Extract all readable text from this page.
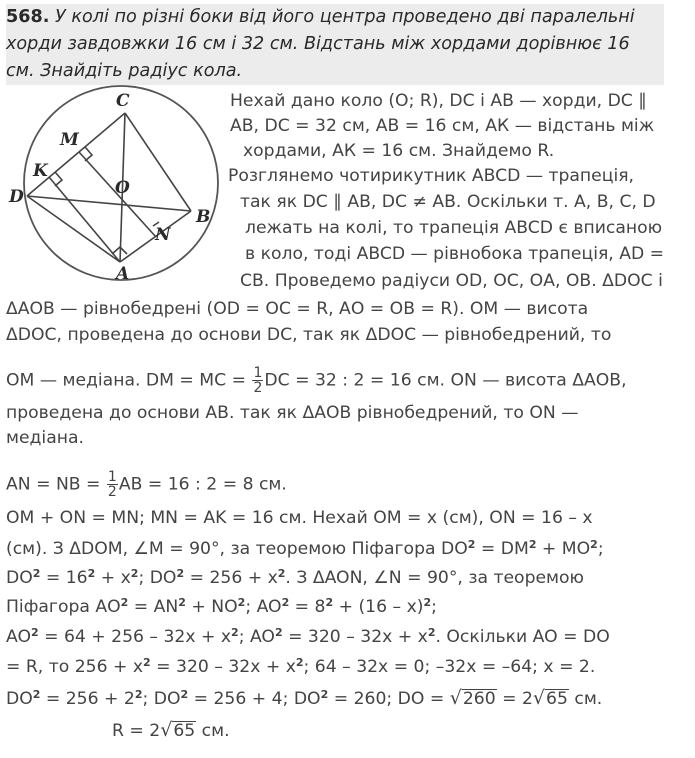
568. У колі по різні боки від його центра проведено дві паралельні
хорди завдовжки 16 см і 32 см. Відстань між хордами дорівнює 16
см. Знайдіть радіус кола.
C
M
K
D	O
B
N
A
Нехай дано коло (О; R), DC і АВ — хорди, DC ∥
АВ, DC = 32 см, АВ = 16 см, АК — відстань між
хордами, АК = 16 см. Знайдемо R.
Розглянемо чотирикутник ABCD — трапеція,
так як DC ∥ АВ, DC ≠ АВ. Оскільки т. А, В, С, D
лежать на колі, то трапеція ABCD є вписаною
в коло, тоді ABCD — рівнобока трапеція, AD =
СВ. Проведемо радіуси OD, ОС, ОА, ОВ. ΔDOC і
ΔАОВ — рівнобедрені (OD = ОС = R, АО = ОВ = R). ОМ — висота
ΔDOC, проведена до основи DC, так як ΔDOC — рівнобедрений, то
ОМ — медіана. DM = МС = $\frac{1}{2}$ DC = 32 : 2 = 16 см. ON — висота ΔАОВ,
проведена до основи АВ. так як ΔАОВ рівнобедрений, то ON —
медіана.
AN = NB = $\frac{1}{2}$ AB = 16 : 2 = 8 см.
OM + ON = MN; MN = AK = 16 см. Нехай ОМ = х (см), ON = 16 – х
(см). З ΔDOM, ∠M = 90°, за теоремою Піфагора $DO^2 = DM^2 + MO^2$;
$DO^2 = 16^2 + x^2$; $DO^2 = 256 + x^2$. З ΔAON, ∠N = 90°, за теоремою
Піфагора $АО^2 = AN^2 + NO^2$; $AO^2 = 8^2 + (16 - x)^2$;
$AO^2 = 64 + 256 - 32x + x^2$; $AO^2 = 320 - 32x + x^2$. Оскільки AO = DO
= R, то $256 + x^2 = 320 - 32x + x^2$; 64 – 32x = 0; –32x = –64; x = 2.
$DO^2 = 256 + 2^2$; $DO^2 = 256 + 4$; $DO^2 = 260$; DO = √260 = 2√65 см.
R = 2√65 см.
